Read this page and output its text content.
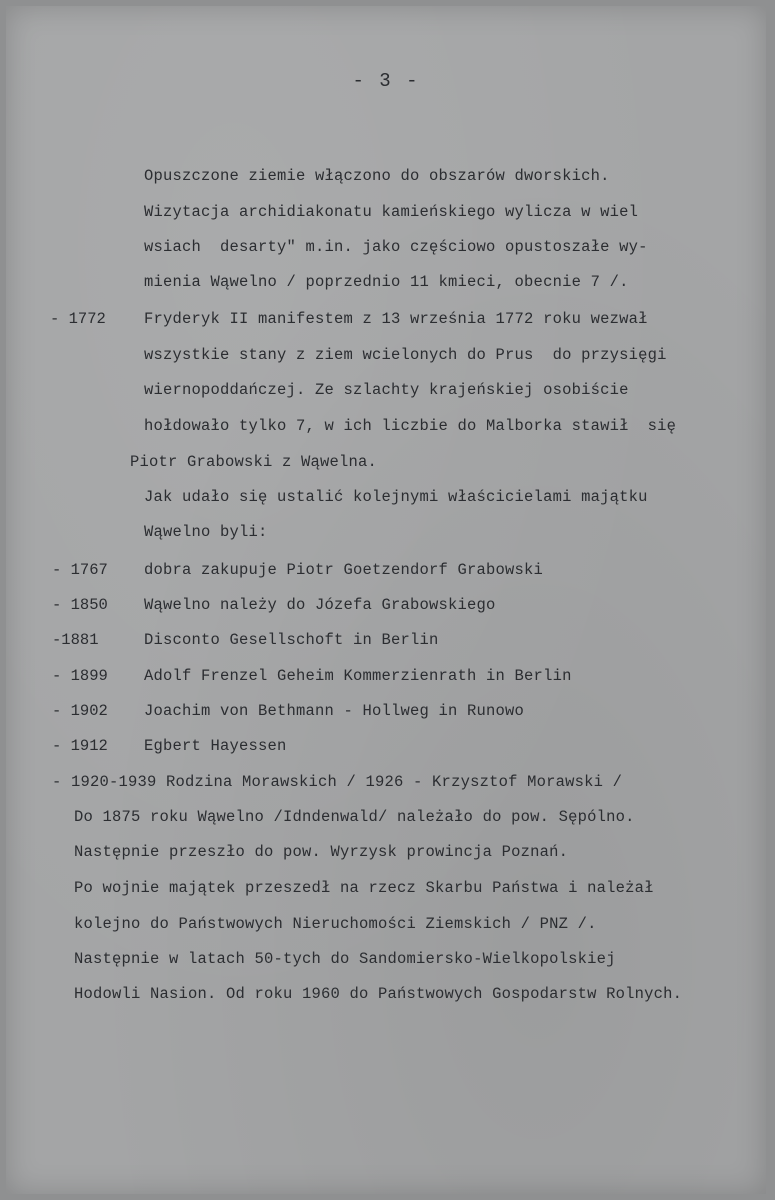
- 3 -
Opuszczone ziemie włączono do obszarów dworskich.
Wizytacja archidiakonatu kamieńskiego wylicza w wiel
wsiach  desarty" m.in. jako częściowo opustoszałe wy-
mienia Wąwelno / poprzednio 11 kmieci, obecnie 7 /.
- 1772 Fryderyk II manifestem z 13 września 1772 roku wezwał
wszystkie stany z ziem wcielonych do Prus  do przysięgi
wiernopoddańczej. Ze szlachty krajeńskiej osobiście
hołdowało tylko 7, w ich liczbie do Malborka stawił  się
Piotr Grabowski z Wąwelna.
Jak udało się ustalić kolejnymi właścicielami majątku
Wąwelno byli:
- 1767 dobra zakupuje Piotr Goetzendorf Grabowski
- 1850 Wąwelno należy do Józefa Grabowskiego
-1881	Disconto Gesellschoft in Berlin
- 1899 Adolf Frenzel Geheim Kommerzienrath in Berlin
- 1902 Joachim von Bethmann - Hollweg in Runowo
- 1912 Egbert Hayessen
- 1920-1939 Rodzina Morawskich / 1926 - Krzysztof Morawski /
Do 1875 roku Wąwelno /Idndenwald/ należało do pow. Sępólno.
Następnie przeszło do pow. Wyrzysk prowincja Poznań.
Po wojnie majątek przeszedł na rzecz Skarbu Państwa i należał
kolejno do Państwowych Nieruchomości Ziemskich / PNZ /.
Następnie w latach 50-tych do Sandomiersko-Wielkopolskiej
Hodowli Nasion. Od roku 1960 do Państwowych Gospodarstw Rolnych.
